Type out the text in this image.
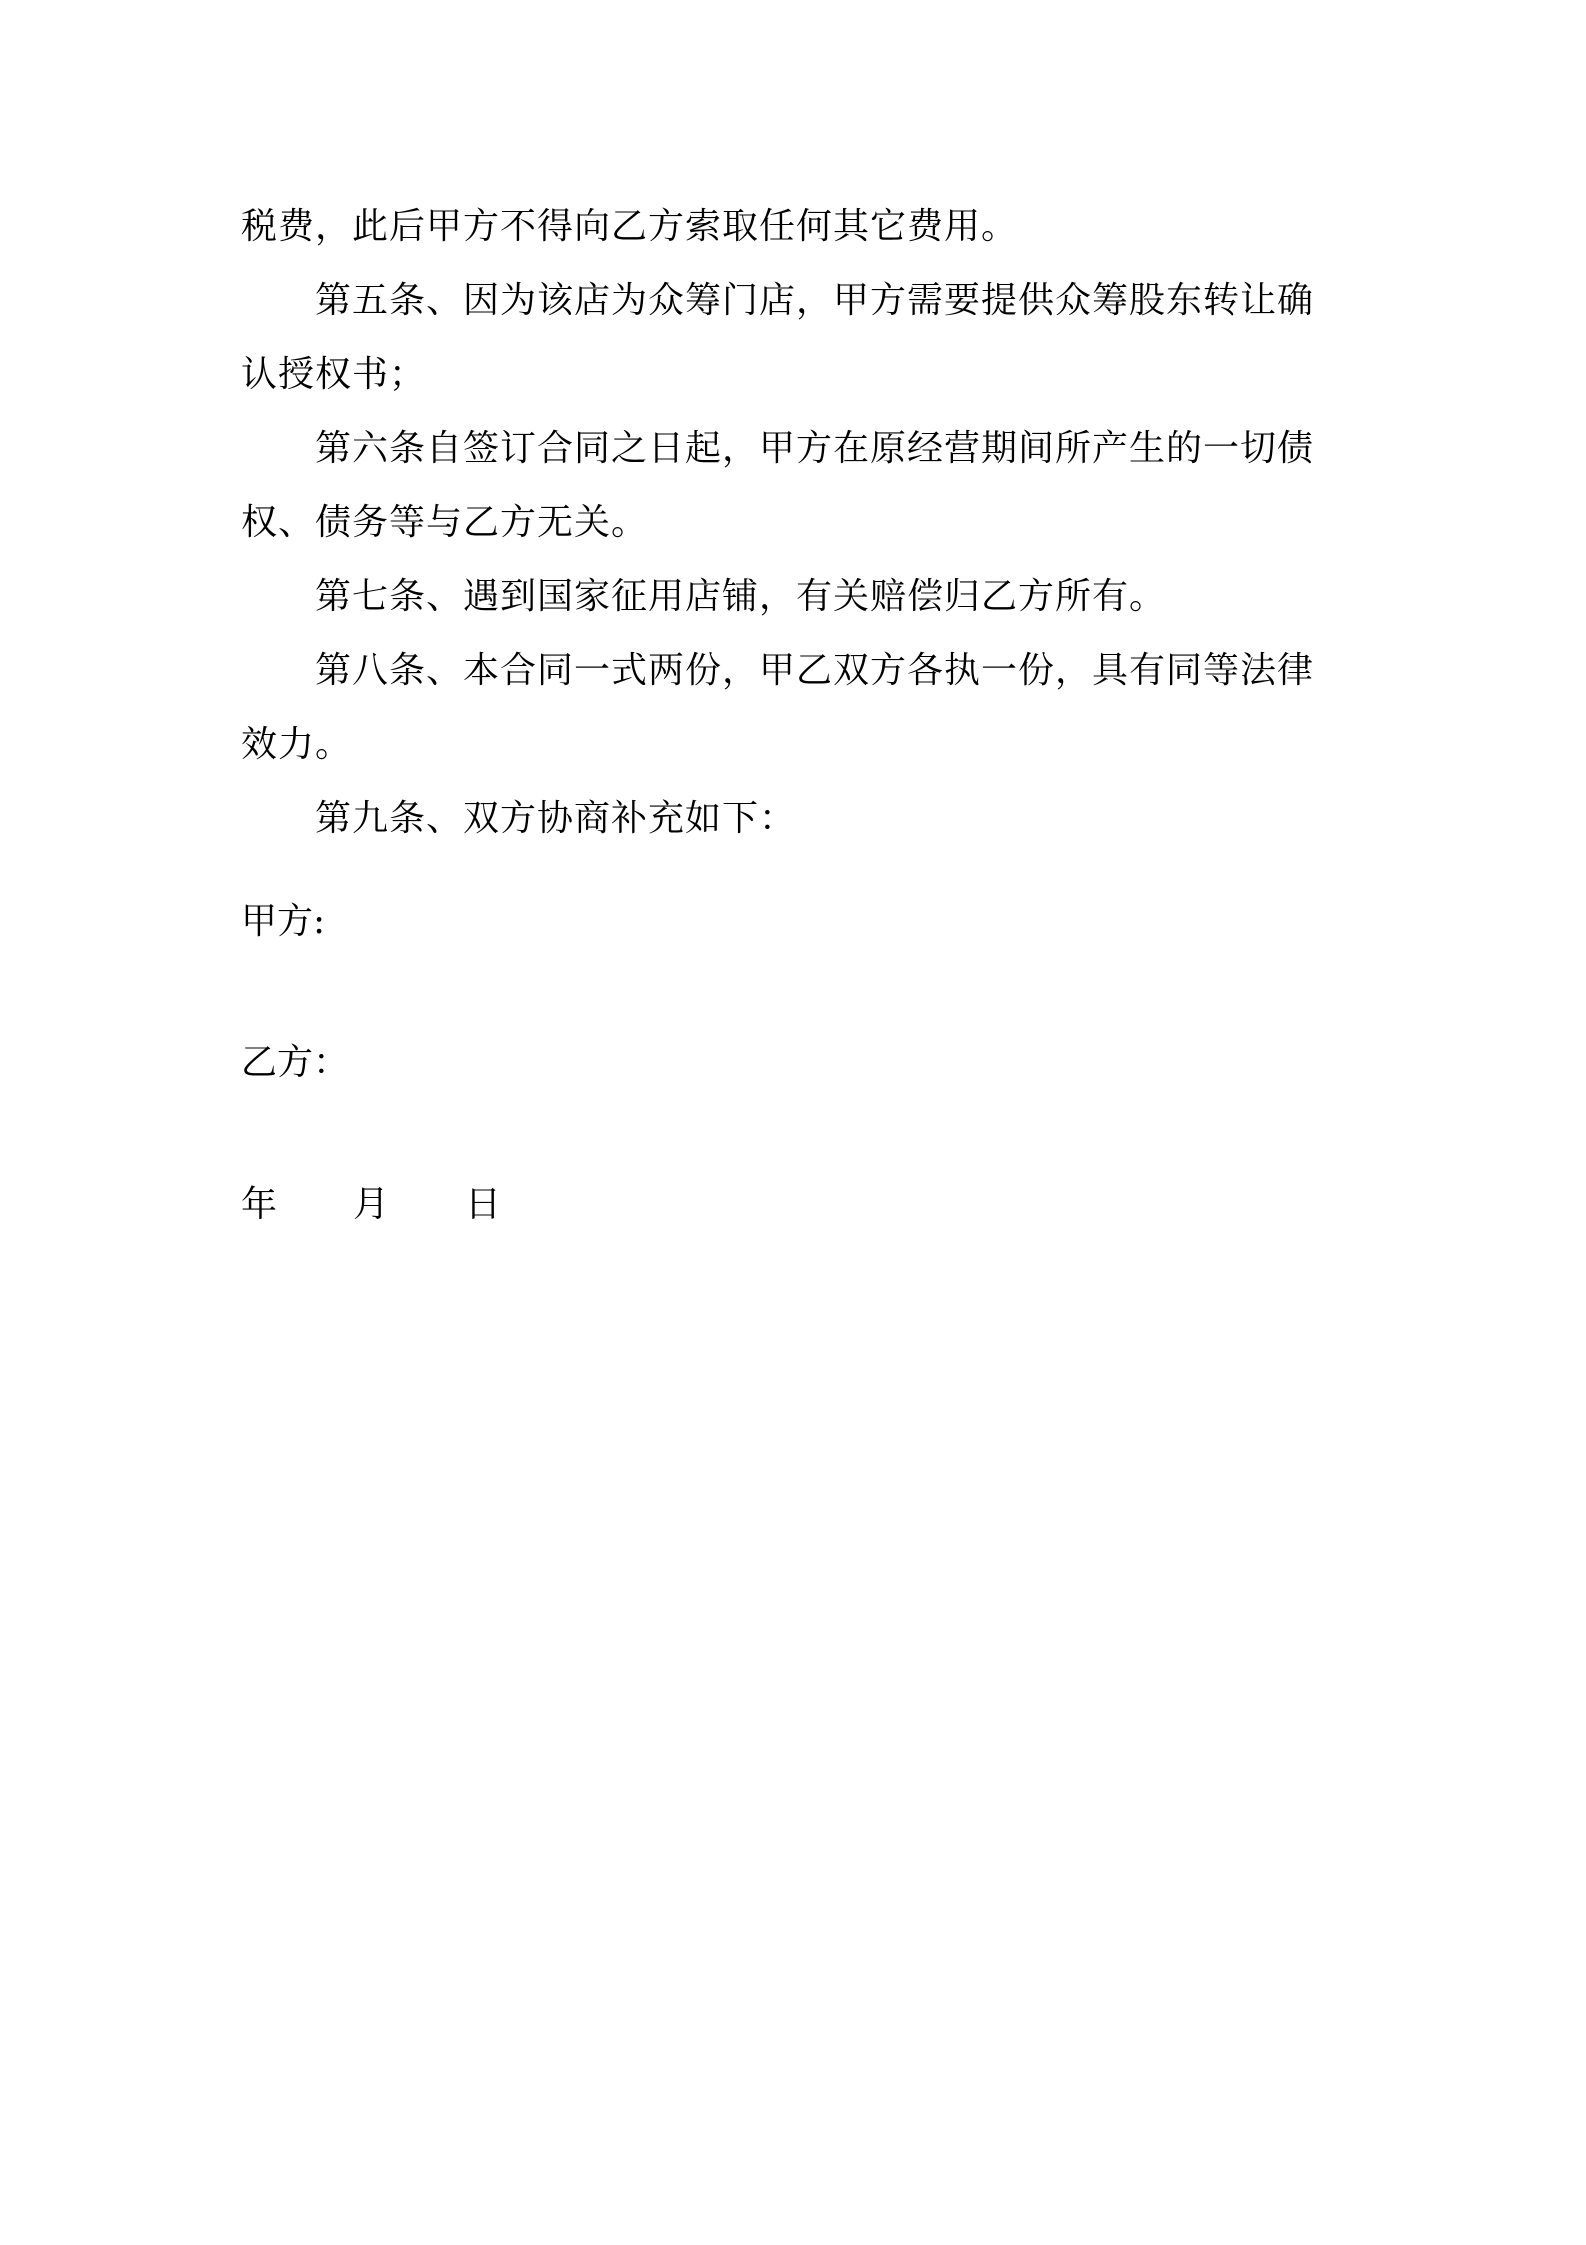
税费，此后甲方不得向乙方索取任何其它费用。
第五条、因为该店为众筹门店，甲方需要提供众筹股东转让确
认授权书；
第六条自签订合同之日起，甲方在原经营期间所产生的一切债
权、债务等与乙方无关。
第七条、遇到国家征用店铺，有关赔偿归乙方所有。
第八条、本合同一式两份，甲乙双方各执一份，具有同等法律
效力。
第九条、双方协商补充如下：
甲方:
乙方：
年 月 日
